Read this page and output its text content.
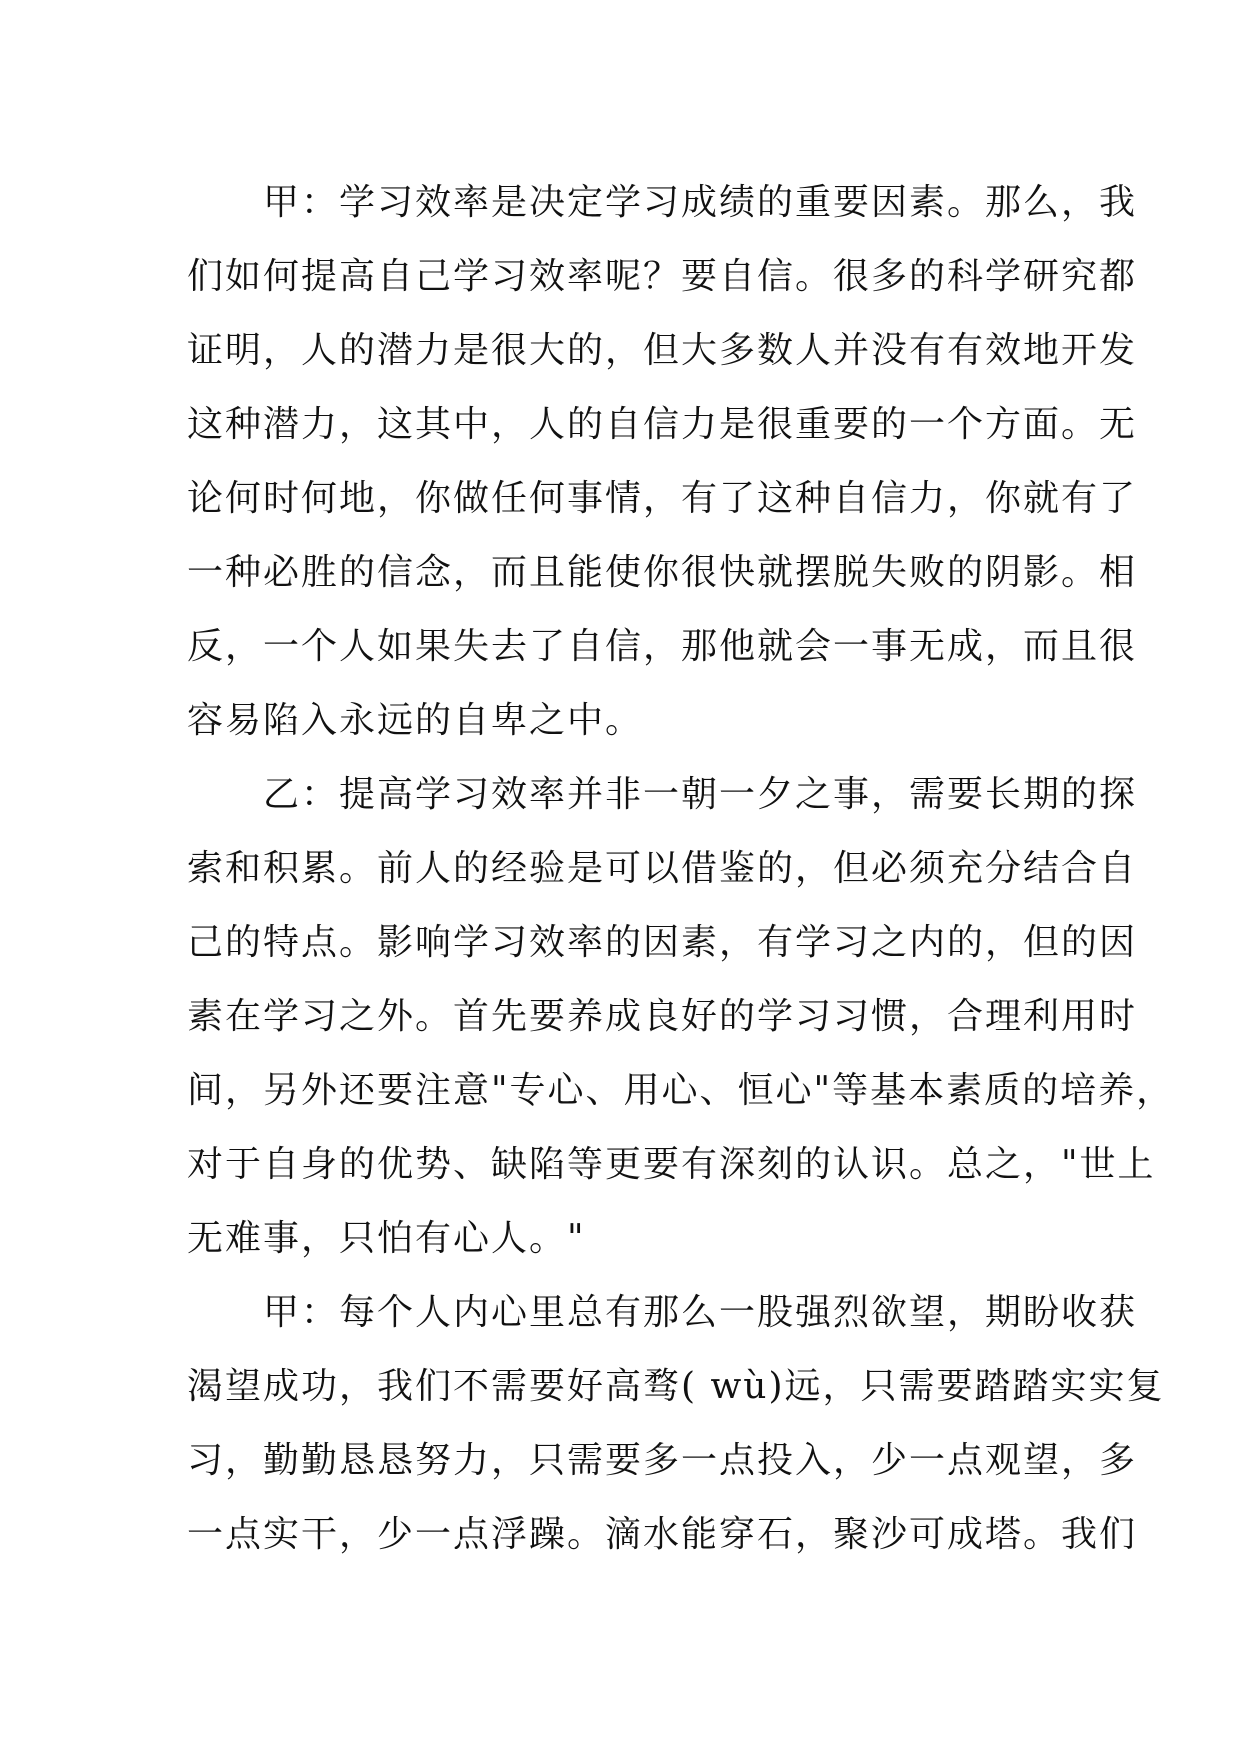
　　甲：学习效率是决定学习成绩的重要因素。那么，我
们如何提高自己学习效率呢？要自信。很多的科学研究都
证明，人的潜力是很大的，但大多数人并没有有效地开发
这种潜力，这其中，人的自信力是很重要的一个方面。无
论何时何地，你做任何事情，有了这种自信力，你就有了
一种必胜的信念，而且能使你很快就摆脱失败的阴影。相
反，一个人如果失去了自信，那他就会一事无成，而且很
容易陷入永远的自卑之中。
　　乙：提高学习效率并非一朝一夕之事，需要长期的探
索和积累。前人的经验是可以借鉴的，但必须充分结合自
己的特点。影响学习效率的因素，有学习之内的，但的因
素在学习之外。首先要养成良好的学习习惯，合理利用时
间，另外还要注意"专心、用心、恒心"等基本素质的培养，
对于自身的优势、缺陷等更要有深刻的认识。总之，"世上
无难事，只怕有心人。"
　　甲：每个人内心里总有那么一股强烈欲望，期盼收获
渴望成功，我们不需要好高骛( wù)远，只需要踏踏实实复
习，勤勤恳恳努力，只需要多一点投入，少一点观望，多
一点实干，少一点浮躁。滴水能穿石，聚沙可成塔。我们
